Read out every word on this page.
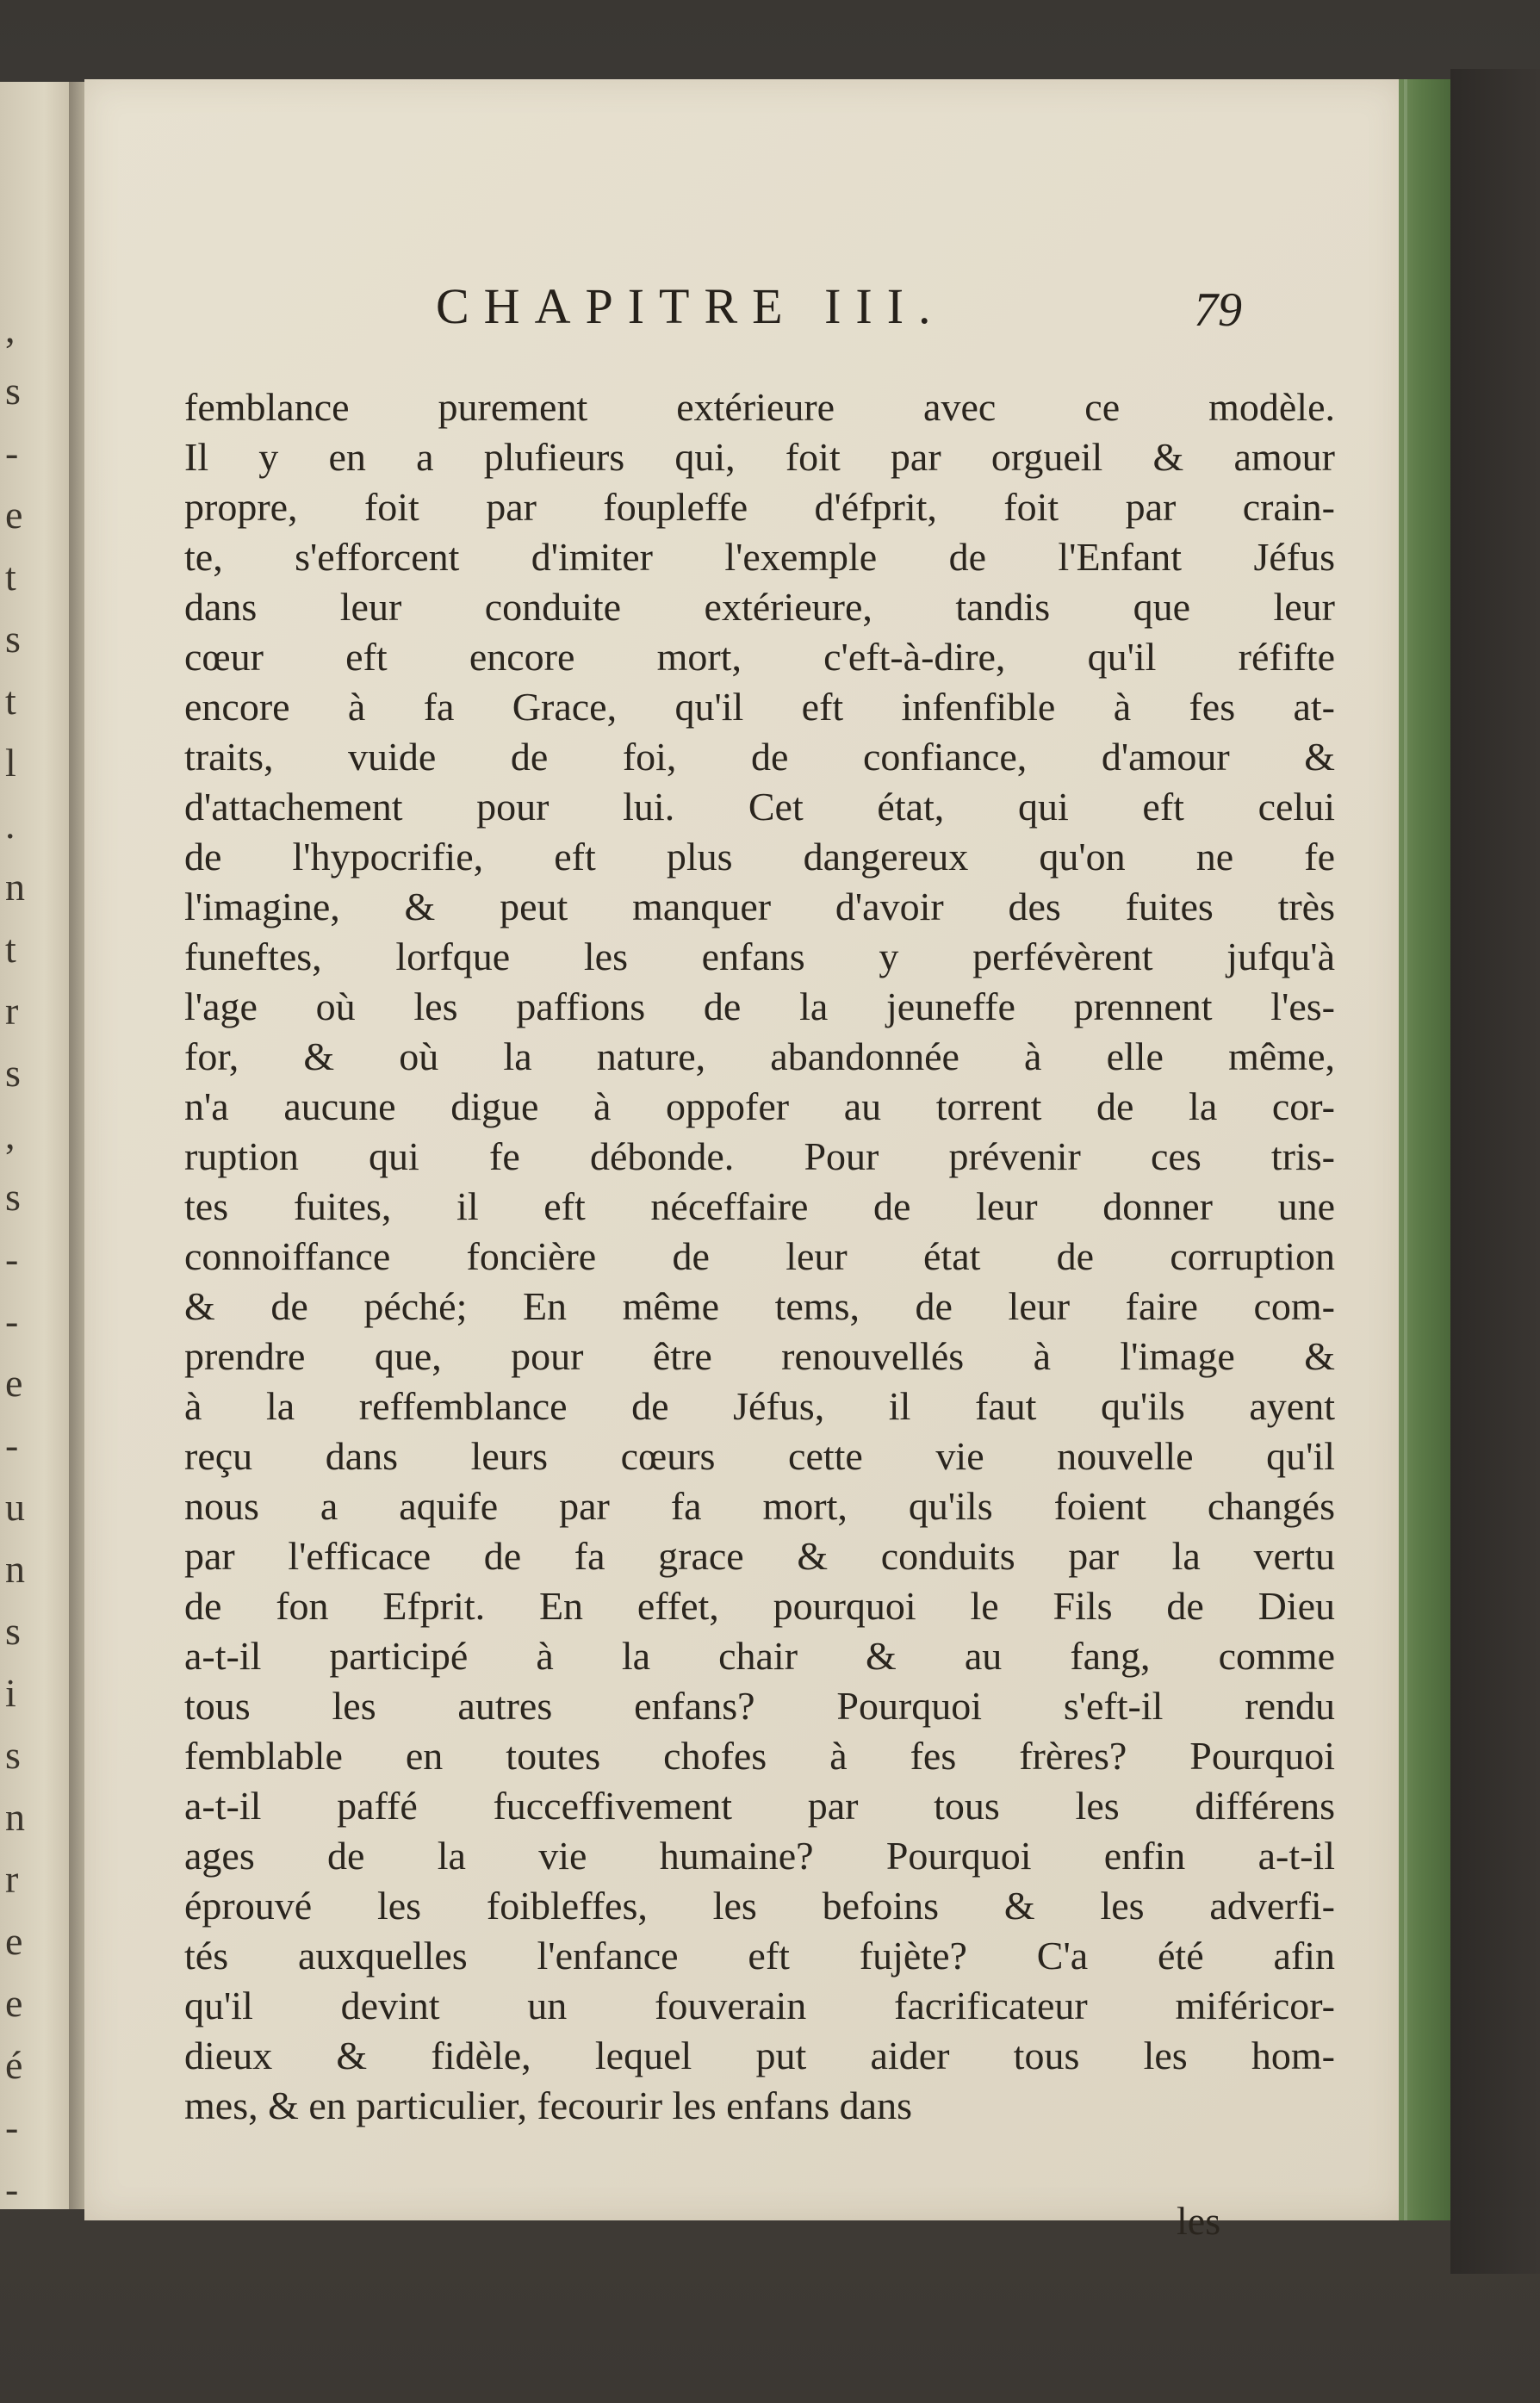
,
s
-
e
t
s
t
l
.
n
t
r
s
,
s
-
-
e
-
u
n
s
i
s
n
r
e
e
é
-
-
CHAPITRE III.	79
femblance purement extérieure avec ce modèle.
Il y en a plufieurs qui, foit par orgueil & amour
propre, foit par foupleffe d'éfprit, foit par crain-
te, s'efforcent d'imiter l'exemple de l'Enfant Jéfus
dans leur conduite extérieure, tandis que leur
cœur eft encore mort, c'eft-à-dire, qu'il réfifte
encore à fa Grace, qu'il eft infenfible à fes at-
traits, vuide de foi, de confiance, d'amour &
d'attachement pour lui. Cet état, qui eft celui
de l'hypocrifie, eft plus dangereux qu'on ne fe
l'imagine, & peut manquer d'avoir des fuites très
funeftes, lorfque les enfans y perfévèrent jufqu'à
l'age où les paffions de la jeuneffe prennent l'es-
for, & où la nature, abandonnée à elle même,
n'a aucune digue à oppofer au torrent de la cor-
ruption qui fe débonde. Pour prévenir ces tris-
tes fuites, il eft néceffaire de leur donner une
connoiffance foncière de leur état de corruption
& de péché; En même tems, de leur faire com-
prendre que, pour être renouvellés à l'image &
à la reffemblance de Jéfus, il faut qu'ils ayent
reçu dans leurs cœurs cette vie nouvelle qu'il
nous a aquife par fa mort, qu'ils foient changés
par l'efficace de fa grace & conduits par la vertu
de fon Efprit. En effet, pourquoi le Fils de Dieu
a-t-il participé à la chair & au fang, comme
tous les autres enfans? Pourquoi s'eft-il rendu
femblable en toutes chofes à fes frères? Pourquoi
a-t-il paffé fucceffivement par tous les différens
ages de la vie humaine? Pourquoi enfin a-t-il
éprouvé les foibleffes, les befoins & les adverfi-
tés auxquelles l'enfance eft fujète? C'a été afin
qu'il devint un fouverain facrificateur miféricor-
dieux & fidèle, lequel put aider tous les hom-
mes, & en particulier, fecourir les enfans dans
les
